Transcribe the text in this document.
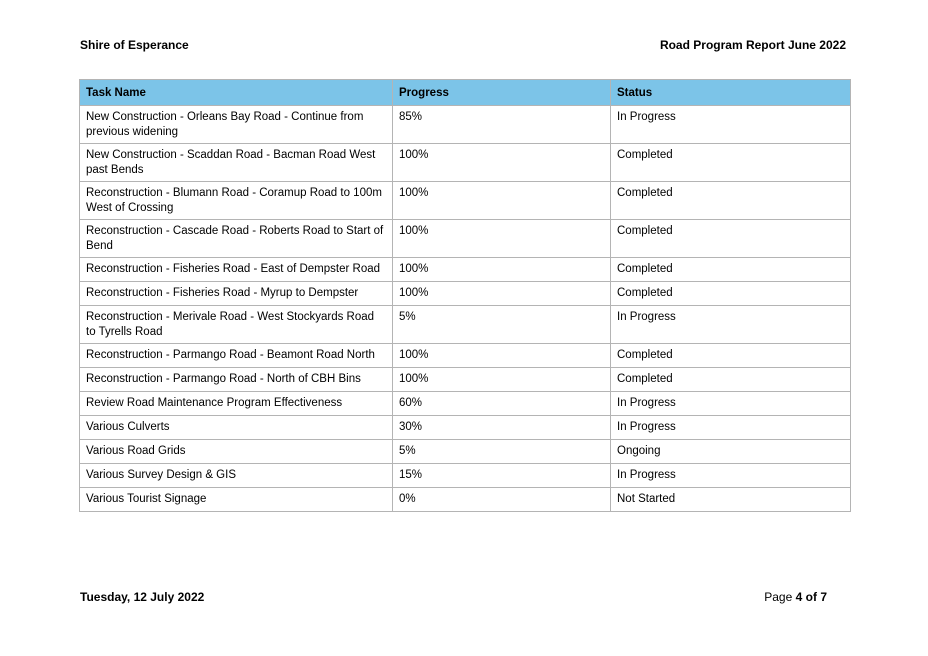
Shire of Esperance	Road Program Report June 2022
Task Name	Progress	Status
New Construction - Orleans Bay Road - Continue from previous widening	85%	In Progress
New Construction - Scaddan Road - Bacman Road West past Bends	100%	Completed
Reconstruction - Blumann Road - Coramup Road to 100m West of Crossing	100%	Completed
Reconstruction - Cascade Road - Roberts Road to Start of Bend	100%	Completed
Reconstruction - Fisheries Road - East of Dempster Road	100%	Completed
Reconstruction - Fisheries Road - Myrup to Dempster	100%	Completed
Reconstruction - Merivale Road - West Stockyards Road to Tyrells Road	5%	In Progress
Reconstruction - Parmango Road - Beamont Road North	100%	Completed
Reconstruction - Parmango Road - North of CBH Bins	100%	Completed
Review Road Maintenance Program Effectiveness	60%	In Progress
Various Culverts	30%	In Progress
Various Road Grids	5%	Ongoing
Various Survey Design & GIS	15%	In Progress
Various Tourist Signage	0%	Not Started
Tuesday, 12 July 2022	Page 4 of 7
